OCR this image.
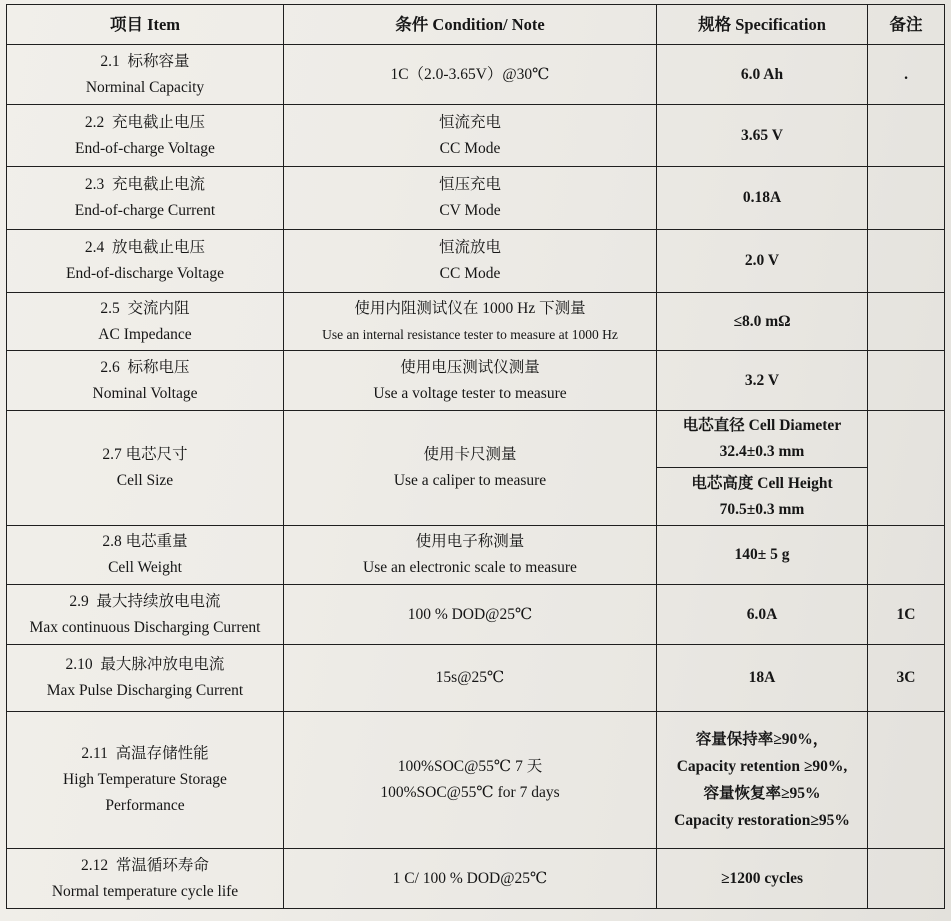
项目 Item	条件 Condition/ Note	规格 Specification	备注

2.1 标称容量
Norminal Capacity	1C（2.0-3.65V）@30℃	6.0 Ah	.

2.2 充电截止电压
End-of-charge Voltage	恒流充电
CC Mode	3.65 V	

2.3 充电截止电流
End-of-charge Current	恒压充电
CV Mode	0.18A	

2.4 放电截止电压
End-of-discharge Voltage	恒流放电
CC Mode	2.0 V	

2.5 交流内阻
AC Impedance	使用内阻测试仪在 1000 Hz 下测量
Use an internal resistance tester to measure at 1000 Hz	≤8.0 mΩ	

2.6 标称电压
Nominal Voltage	使用电压测试仪测量
Use a voltage tester to measure	3.2 V	

2.7 电芯尺寸
Cell Size	使用卡尺测量
Use a caliper to measure	电芯直径 Cell Diameter
32.4±0.3 mm	

		电芯高度 Cell Height
70.5±0.3 mm	

2.8 电芯重量
Cell Weight	使用电子称测量
Use an electronic scale to measure	140± 5 g	

2.9 最大持续放电电流
Max continuous Discharging Current	100 % DOD@25℃	6.0A	1C

2.10 最大脉冲放电电流
Max Pulse Discharging Current	15s@25℃	18A	3C

2.11 高温存储性能
High Temperature Storage
Performance	100%SOC@55℃ 7 天
100%SOC@55℃ for 7 days	容量保持率≥90%，
Capacity retention ≥90%,
容量恢复率≥95%
Capacity restoration≥95%	

2.12 常温循环寿命
Normal temperature cycle life	1 C/ 100 % DOD@25℃	≥1200 cycles	
